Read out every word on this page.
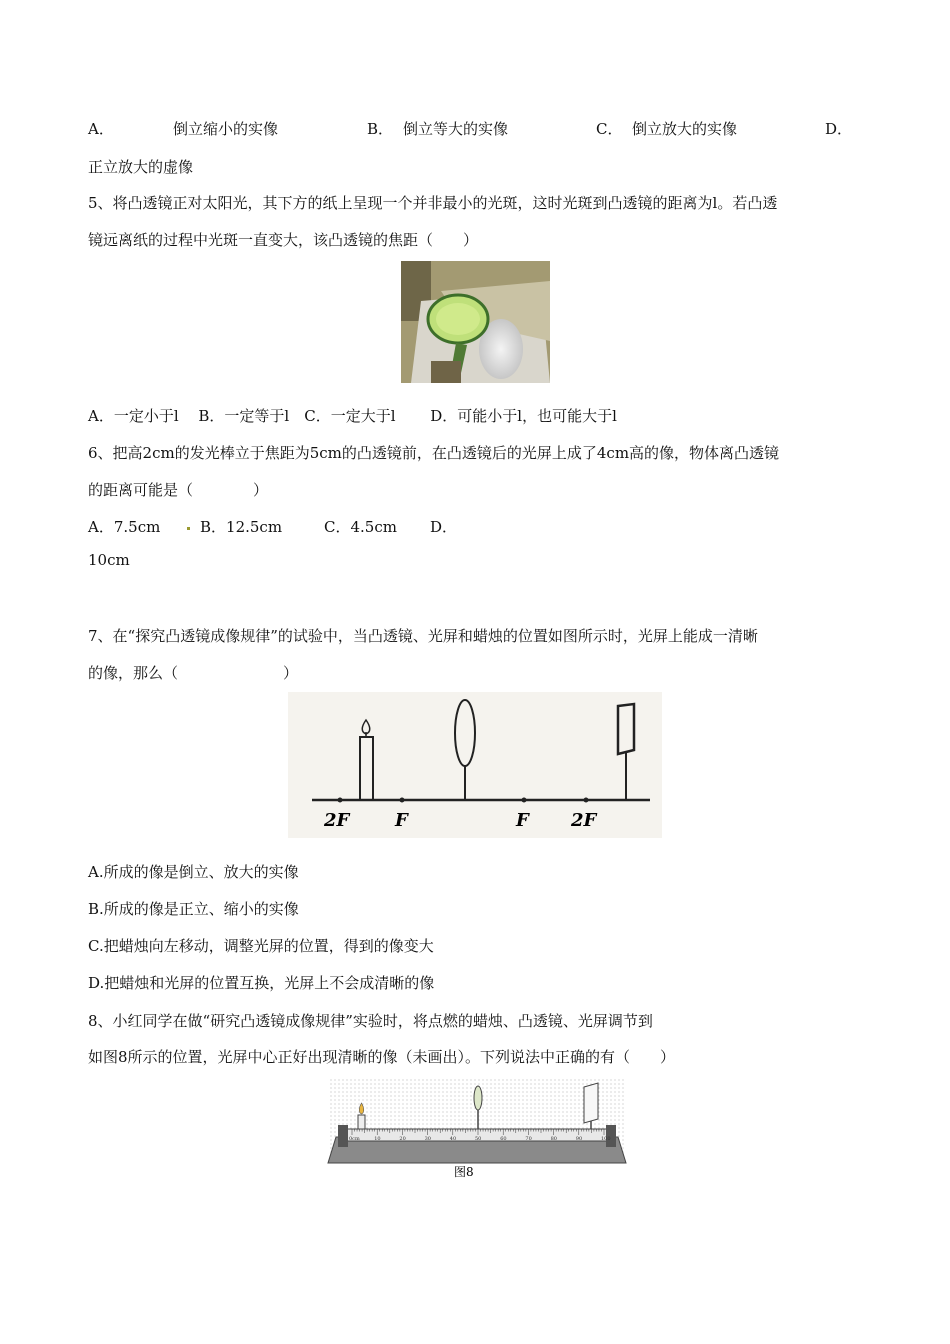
A．	倒立缩小的实像	B． 倒立等大的实像	C． 倒立放大的实像	D．
正立放大的虚像
5、将凸透镜正对太阳光，其下方的纸上呈现一个并非最小的光斑，这时光斑到凸透镜的距离为l。若凸透
镜远离纸的过程中光斑一直变大，该凸透镜的焦距（　　）
A．一定小于l　 B．一定等于l　C．一定大于l　　 D．可能小于l，也可能大于l
6、把高2cm的发光棒立于焦距为5cm的凸透镜前，在凸透镜后的光屏上成了4cm高的像，物体离凸透镜
的距离可能是（　　　　）
A．7.5cm	B．12.5cm	C．4.5cm D．
10cm
7、在“探究凸透镜成像规律”的试验中，当凸透镜、光屏和蜡烛的位置如图所示时，光屏上能成一清晰
的像，那么（　　　　　　　）
2F	F	F 2F
A.所成的像是倒立、放大的实像
B.所成的像是正立、缩小的实像
C.把蜡烛向左移动，调整光屏的位置，得到的像变大
D.把蜡烛和光屏的位置互换，光屏上不会成清晰的像
8、小红同学在做“研究凸透镜成像规律”实验时，将点燃的蜡烛、凸透镜、光屏调节到
如图8所示的位置，光屏中心正好出现清晰的像（未画出）。下列说法中正确的有（　　）
0cm	10	20	30	40	50	60	70	80	90	100
图8
